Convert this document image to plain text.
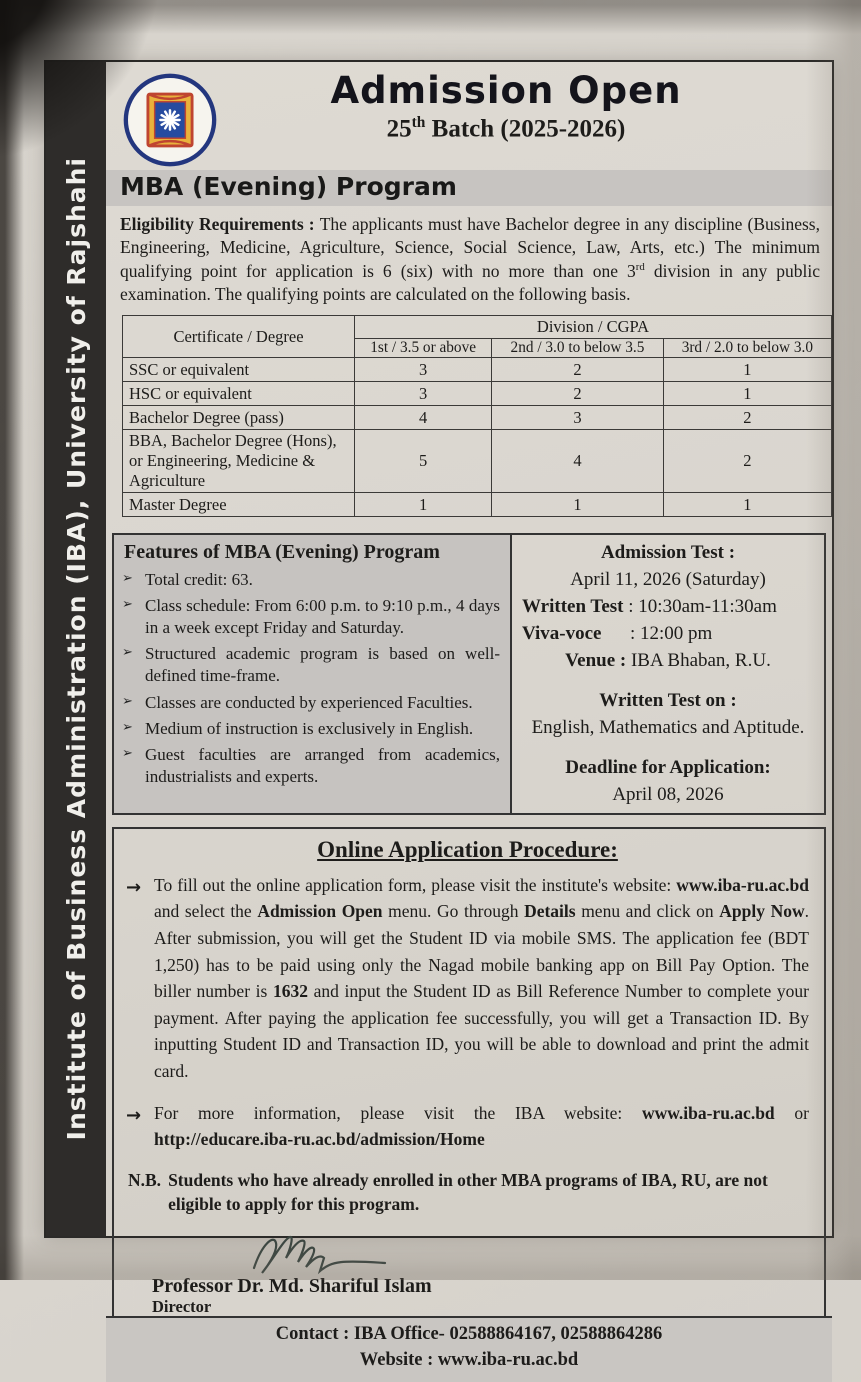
Institute of Business Administration (IBA), University of Rajshahi
Admission Open
25th Batch (2025-2026)
MBA (Evening) Program
Eligibility Requirements : The applicants must have Bachelor degree in any discipline (Business, Engineering, Medicine, Agriculture, Science, Social Science, Law, Arts, etc.) The minimum qualifying point for application is 6 (six) with no more than one 3rd division in any public examination. The qualifying points are calculated on the following basis.
Certificate / Degree	Division / CGPA		
	1st / 3.5 or above	2nd / 3.0 to below 3.5	3rd / 2.0 to below 3.0
SSC or equivalent	3	2	1
HSC or equivalent	3	2	1
Bachelor Degree (pass)	4	3	2
BBA, Bachelor Degree (Hons), or Engineering, Medicine & Agriculture	5	4	2
Master Degree	1	1	1
Features of MBA (Evening) Program
➢ Total credit: 63.
➢ Class schedule: From 6:00 p.m. to 9:10 p.m., 4 days in a week except Friday and Saturday.
➢ Structured academic program is based on well-defined time-frame.
➢ Classes are conducted by experienced Faculties.
➢ Medium of instruction is exclusively in English.
➢ Guest faculties are arranged from academics, industrialists and experts.
Admission Test :
April 11, 2026 (Saturday)
Written Test : 10:30am-11:30am
Viva-voce      : 12:00 pm
Venue : IBA Bhaban, R.U.
Written Test on :
English, Mathematics and Aptitude.
Deadline for Application:
April 08, 2026
Online Application Procedure:
→ To fill out the online application form, please visit the institute's website: www.iba-ru.ac.bd and select the Admission Open menu. Go through Details menu and click on Apply Now. After submission, you will get the Student ID via mobile SMS. The application fee (BDT 1,250) has to be paid using only the Nagad mobile banking app on Bill Pay Option. The biller number is 1632 and input the Student ID as Bill Reference Number to complete your payment. After paying the application fee successfully, you will get a Transaction ID. By inputting Student ID and Transaction ID, you will be able to download and print the admit card.
→ For more information, please visit the IBA website: www.iba-ru.ac.bd or http://educare.iba-ru.ac.bd/admission/Home
N.B. Students who have already enrolled in other MBA programs of IBA, RU, are not eligible to apply for this program.
Professor Dr. Md. Shariful Islam
Director
Contact : IBA Office- 02588864167, 02588864286
Website : www.iba-ru.ac.bd
